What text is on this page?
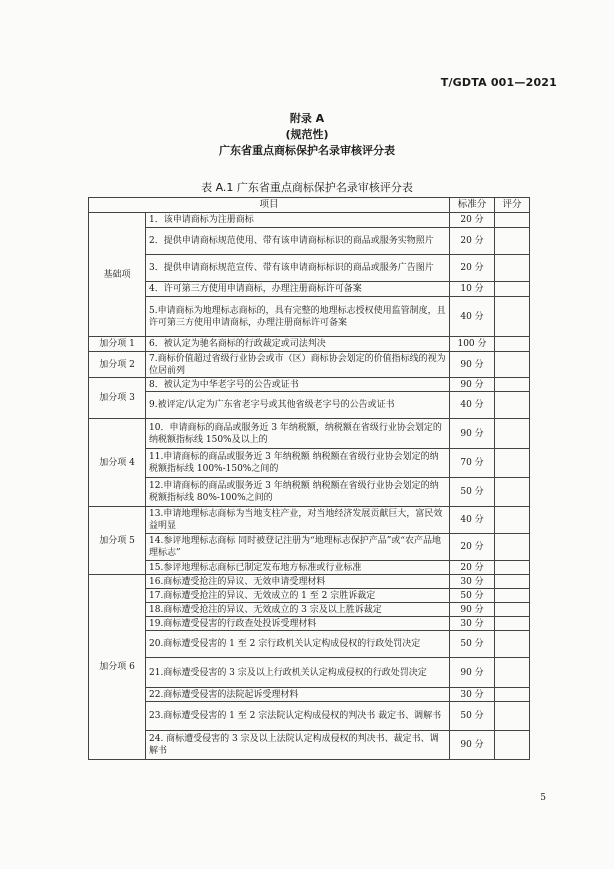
T/GDTA 001—2021
附录 A
(规范性)
广东省重点商标保护名录审核评分表
表 A.1 广东省重点商标保护名录审核评分表
项目		标准分	评分
基础项	1．该申请商标为注册商标	20 分	
	2．提供申请商标规范使用、带有该申请商标标识的商品或服务实物照片	20 分	
	3．提供申请商标规范宣传、带有该申请商标标识的商品或服务广告图片	20 分	
	4．许可第三方使用申请商标，办理注册商标许可备案	10 分	
	5.申请商标为地理标志商标的，具有完整的地理标志授权使用监管制度，且许可第三方使用申请商标，办理注册商标许可备案	40 分	
加分项 1	6．被认定为驰名商标的行政裁定或司法判决	100 分	
加分项 2	7.商标价值超过省级行业协会或市（区）商标协会划定的价值指标线的视为位居前列	90 分	
加分项 3	8．被认定为中华老字号的公告或证书	90 分	
	9.被评定/认定为广东省老字号或其他省级老字号的公告或证书	40 分	
加分项 4	10．申请商标的商品或服务近 3 年纳税额，纳税额在省级行业协会划定的纳税额指标线 150%及以上的	90 分	
	11.申请商标的商品或服务近 3 年纳税额 纳税额在省级行业协会划定的纳税额指标线 100%-150%之间的	70 分	
	12.申请商标的商品或服务近 3 年纳税额 纳税额在省级行业协会划定的纳税额指标线 80%-100%之间的	50 分	
加分项 5	13.申请地理标志商标为当地支柱产业，对当地经济发展贡献巨大，富民效益明显	40 分	
	14.参评地理标志商标 同时被登记注册为“地理标志保护产品”或“农产品地理标志”	20 分	
	15.参评地理标志商标已制定发布地方标准或行业标准	20 分	
加分项 6	16.商标遭受抢注的异议、无效申请受理材料	30 分	
	17.商标遭受抢注的异议、无效成立的 1 至 2 宗胜诉裁定	50 分	
	18.商标遭受抢注的异议、无效成立的 3 宗及以上胜诉裁定	90 分	
	19.商标遭受侵害的行政查处投诉受理材料	30 分	
	20.商标遭受侵害的 1 至 2 宗行政机关认定构成侵权的行政处罚决定	50 分	
	21.商标遭受侵害的 3 宗及以上行政机关认定构成侵权的行政处罚决定	90 分	
	22.商标遭受侵害的法院起诉受理材料	30 分	
	23.商标遭受侵害的 1 至 2 宗法院认定构成侵权的判决书 裁定书、调解书	50 分	
	24. 商标遭受侵害的 3 宗及以上法院认定构成侵权的判决书、裁定书、调解书	90 分	
5
